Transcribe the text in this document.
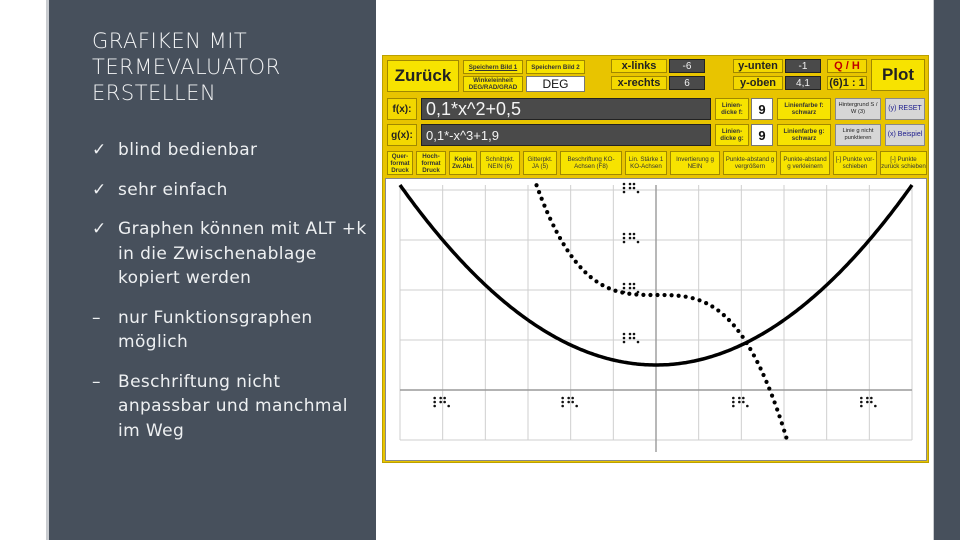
GRAFIKEN MIT TERMEVALUATOR ERSTELLEN
✓ blind bedienbar
✓ sehr einfach
✓ Graphen können mit ALT +k in die Zwischenablage kopiert werden
–	nur Funktionsgraphen möglich
–	Beschriftung nicht anpassbar und manchmal im Weg
Zurück	Speichern Bild 1	Speichern Bild 2
Winkeleinheit DEG/RAD/GRAD	DEG
x-links	-6
x-rechts	6
y-unten	-1
y-oben	4,1
Q / H
(6)1 : 1	Plot
f(x): 0,1*x^2+0,5	Linien-dicke f:	9	Linienfarbe f: schwarz
Hintergrund S / W (3)
(y) RESET
g(x):	0,1*-x^3+1,9	Linien-dicke g:	9	Linienfarbe g: schwarz
Linie g nicht punktieren
(x) Beispiel
Quer-format Druck
Hoch-format Druck
Kopie Zw.Abl.
Schnittpkt. NEIN (6)
Gitterpkt. JA (5)
Beschriftung KO-Achsen (F8)
Lin. Stärke 1 KO-Achsen
Invertierung g NEIN
Punkte-abstand g vergrößern
Punkte-abstand g verkleinern
[-] Punkte vor-schieben
[-] Punkte zurück schieben
